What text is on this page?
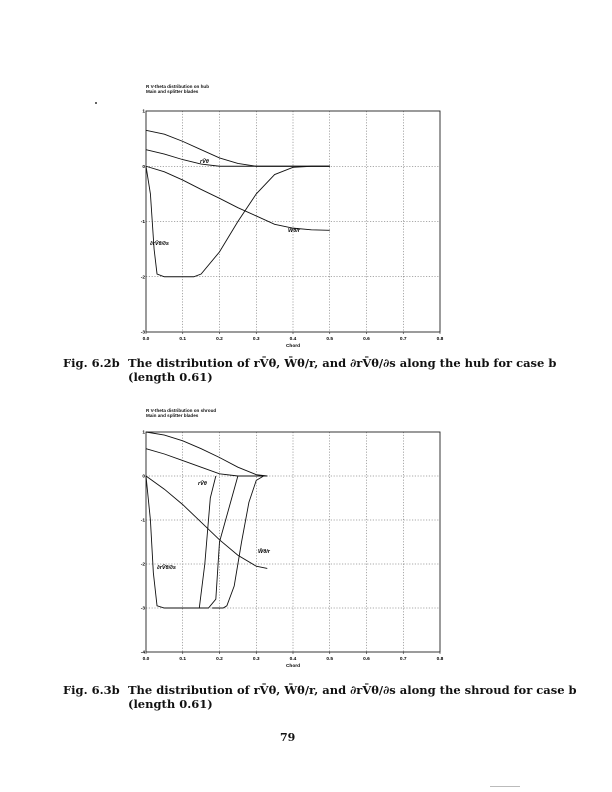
R V-theta distribution on hub
Main and splitter blades
R V-theta distribution on shroud
Main and splitter blades
0.0	0.1	0.2	0.3	0.4	0.5	0.6	0.7	0.8
-3
-2
-1
0
1
Chord
rV̄θ
W̄θ/r
∂rV̄θ/∂s
Fig. 6.2b The distribution of rV̄θ, W̄θ/r, and ∂rV̄θ/∂s along the hub for case b (length 0.61)
0.0	0.1	0.2	0.3	0.4	0.5	0.6	0.7	0.8
-4
-3
-2
-1
0
1
Chord
rV̄θ
W̄θ/r
∂rV̄θ/∂s
Fig. 6.3b The distribution of rV̄θ, W̄θ/r, and ∂rV̄θ/∂s along the shroud for case b (length 0.61)
79
